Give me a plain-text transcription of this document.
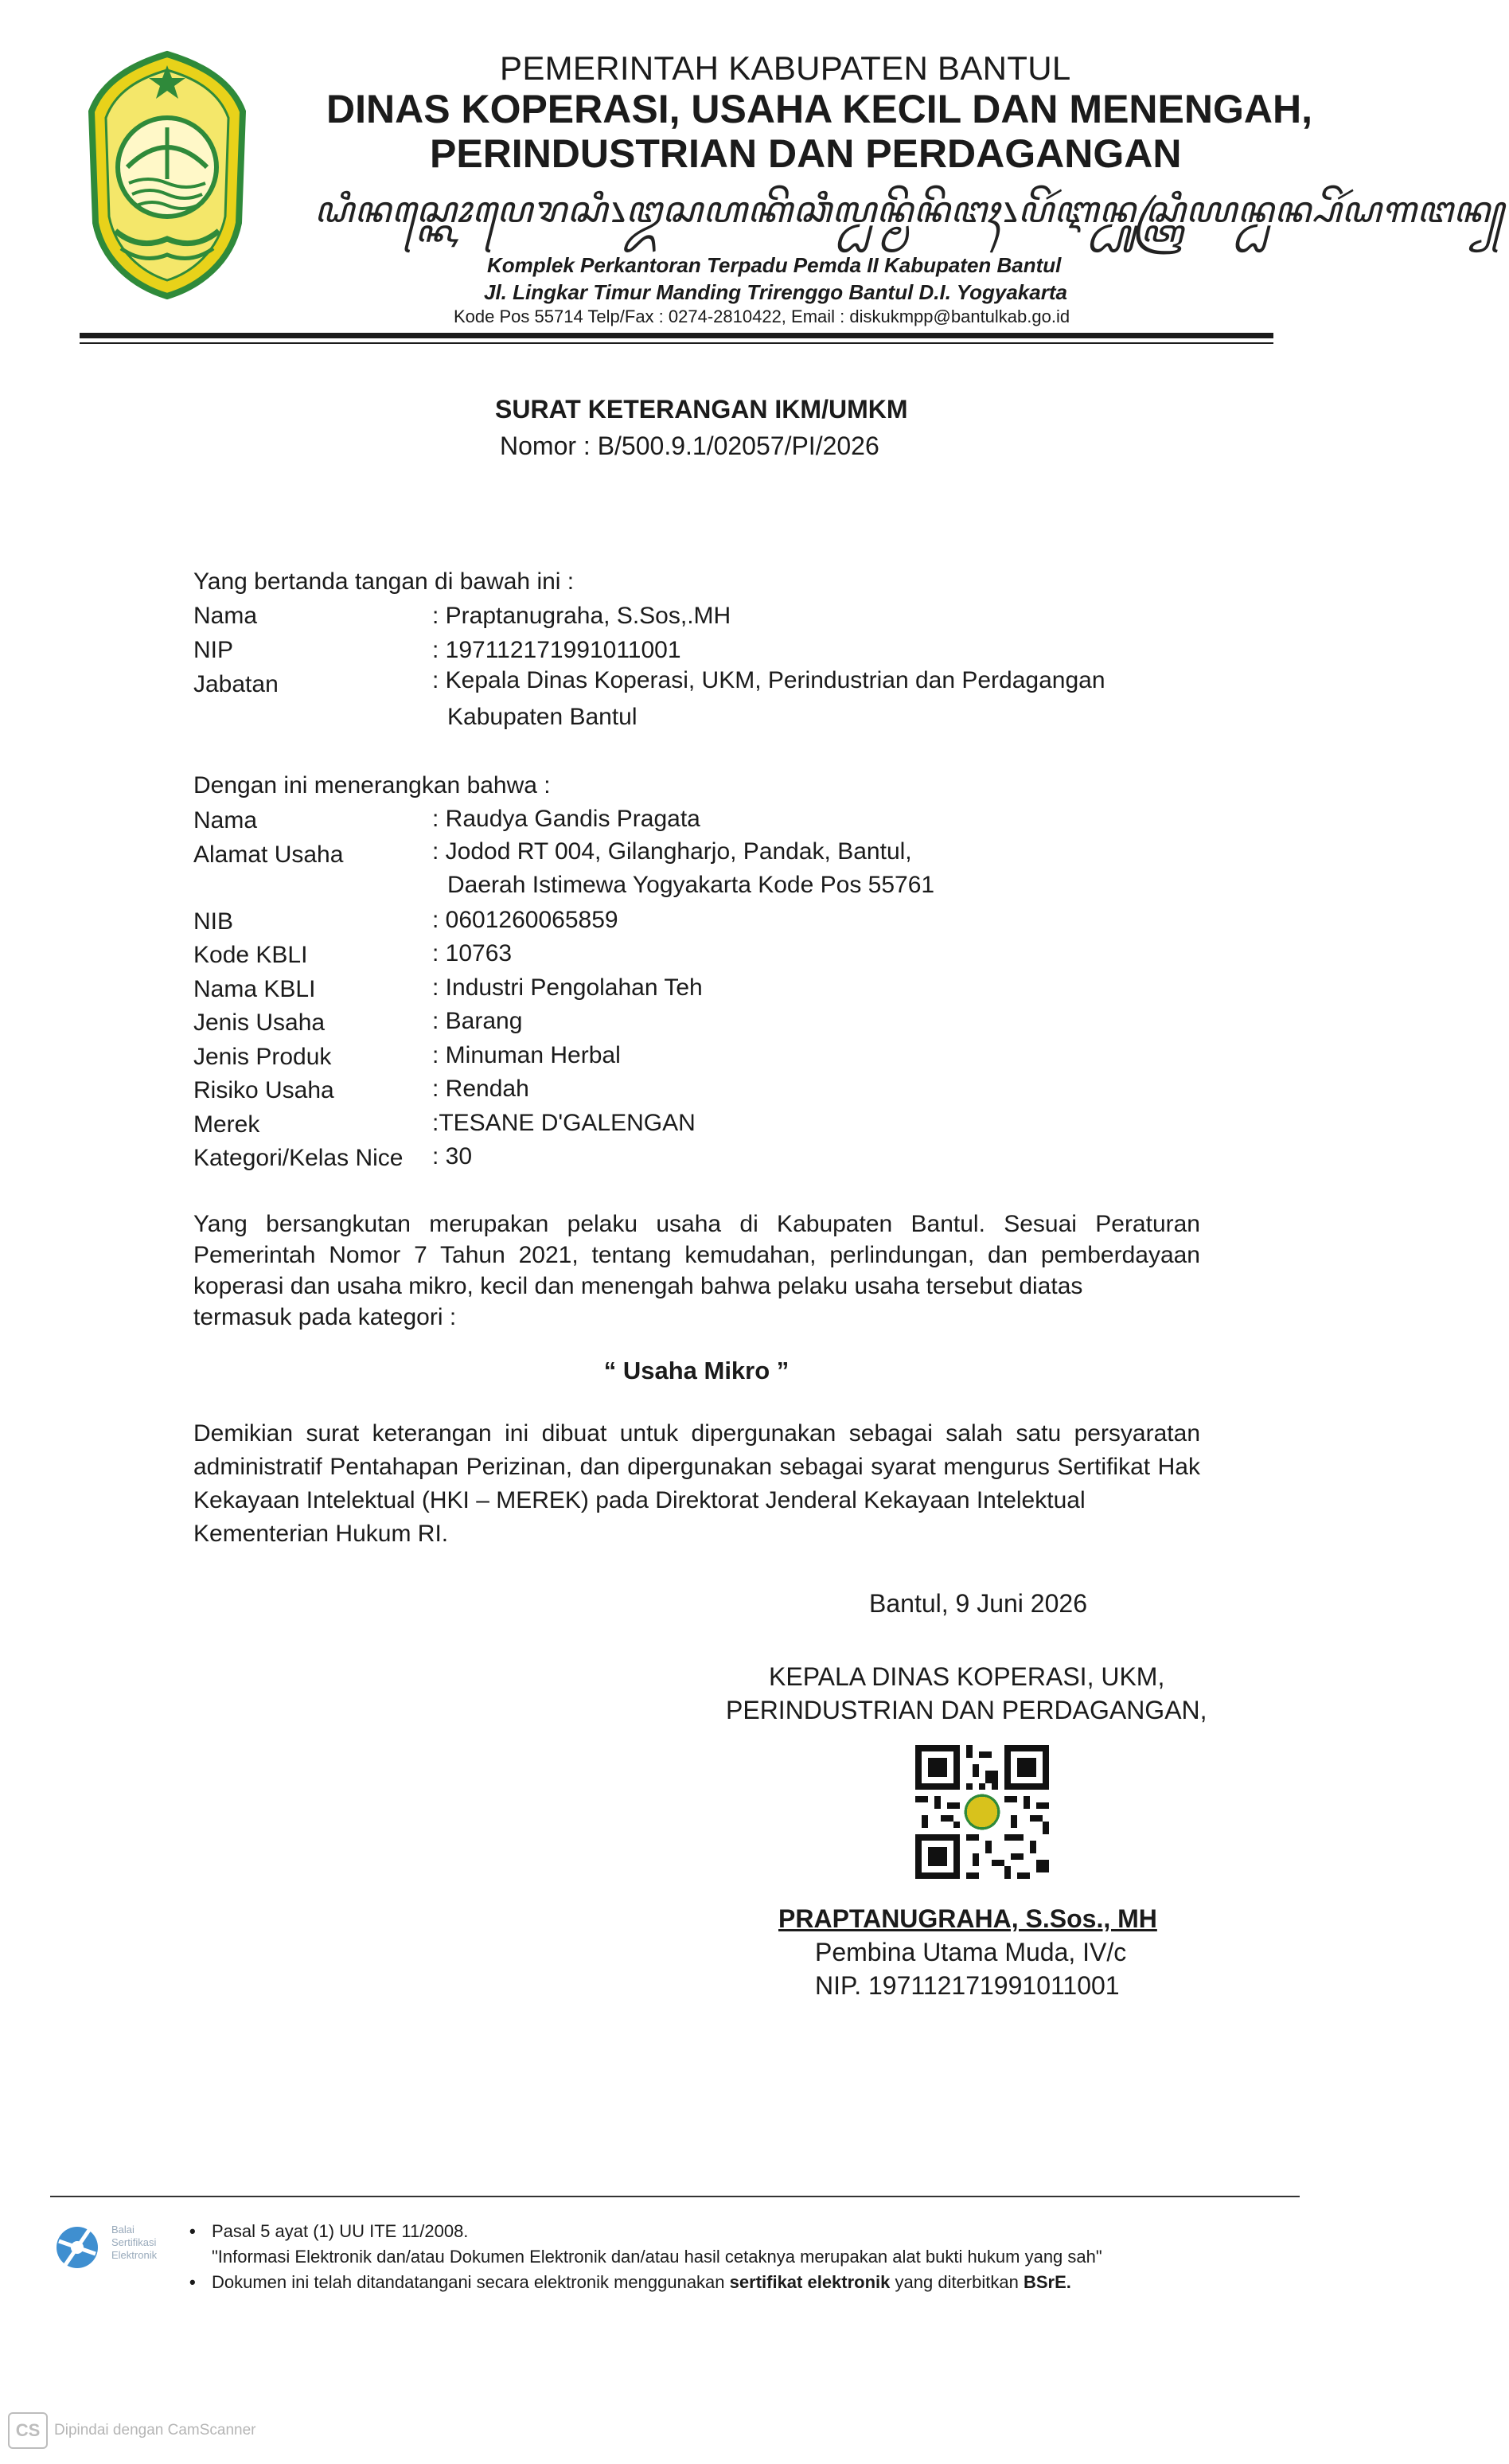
PEMERINTAH KABUPATEN BANTUL
DINAS KOPERASI, USAHA KECIL DAN MENENGAH,
PERINDUSTRIAN DAN PERDAGANGAN
ꦝꦶꦤꦱ꧀ꦏꦺꦴꦥꦺꦫꦱꦶ꧈ꦈꦱꦲꦏꦼꦕꦶꦭ꧀ꦝꦤ꧀ꦩꦼꦤꦼꦔꦃ꧈ꦥꦼꦂꦆꦤ꧀ꦝꦸꦱ꧀ꦠꦿꦶꦪꦤ꧀ꦝꦤ꧀ꦥꦼꦂꦝꦒꦔꦤ꧀
Komplek Perkantoran Terpadu Pemda II Kabupaten Bantul
Jl. Lingkar Timur Manding Trirenggo Bantul D.I. Yogyakarta
Kode Pos 55714 Telp/Fax : 0274-2810422, Email : diskukmpp@bantulkab.go.id
SURAT KETERANGAN IKM/UMKM
Nomor : B/500.9.1/02057/PI/2026
Yang bertanda tangan di bawah ini :
Nama	: Praptanugraha, S.Sos,.MH
NIP	: 197112171991011001
Jabatan	: Kepala Dinas Koperasi, UKM, Perindustrian dan Perdagangan
Kabupaten Bantul
Dengan ini menerangkan bahwa :
Nama	: Raudya Gandis Pragata
Alamat Usaha	: Jodod RT 004, Gilangharjo, Pandak, Bantul,
Daerah Istimewa Yogyakarta Kode Pos 55761
NIB	: 0601260065859
Kode KBLI	: 10763
Nama KBLI	: Industri Pengolahan Teh
Jenis Usaha	: Barang
Jenis Produk	: Minuman Herbal
Risiko Usaha	: Rendah
Merek	:TESANE D'GALENGAN
Kategori/Kelas Nice : 30
Yang bersangkutan merupakan pelaku usaha di Kabupaten Bantul. Sesuai Peraturan Pemerintah Nomor 7 Tahun 2021, tentang kemudahan, perlindungan, dan pemberdayaan koperasi dan usaha mikro, kecil dan menengah bahwa pelaku usaha tersebut diatas
termasuk pada kategori :
“ Usaha Mikro ”
Demikian surat keterangan ini dibuat untuk dipergunakan sebagai salah satu persyaratan administratif Pentahapan Perizinan, dan dipergunakan sebagai syarat mengurus Sertifikat Hak Kekayaan Intelektual (HKI – MEREK) pada Direktorat Jenderal Kekayaan Intelektual
Kementerian Hukum RI.
Bantul, 9 Juni 2026
KEPALA DINAS KOPERASI, UKM,
PERINDUSTRIAN DAN PERDAGANGAN,
PRAPTANUGRAHA, S.Sos., MH
Pembina Utama Muda, IV/c
NIP. 197112171991011001
Balai
Sertifikasi
Elektronik
• Pasal 5 ayat (1) UU ITE 11/2008.
"Informasi Elektronik dan/atau Dokumen Elektronik dan/atau hasil cetaknya merupakan alat bukti hukum yang sah"
• Dokumen ini telah ditandatangani secara elektronik menggunakan sertifikat elektronik yang diterbitkan BSrE.
CS Dipindai dengan CamScanner
